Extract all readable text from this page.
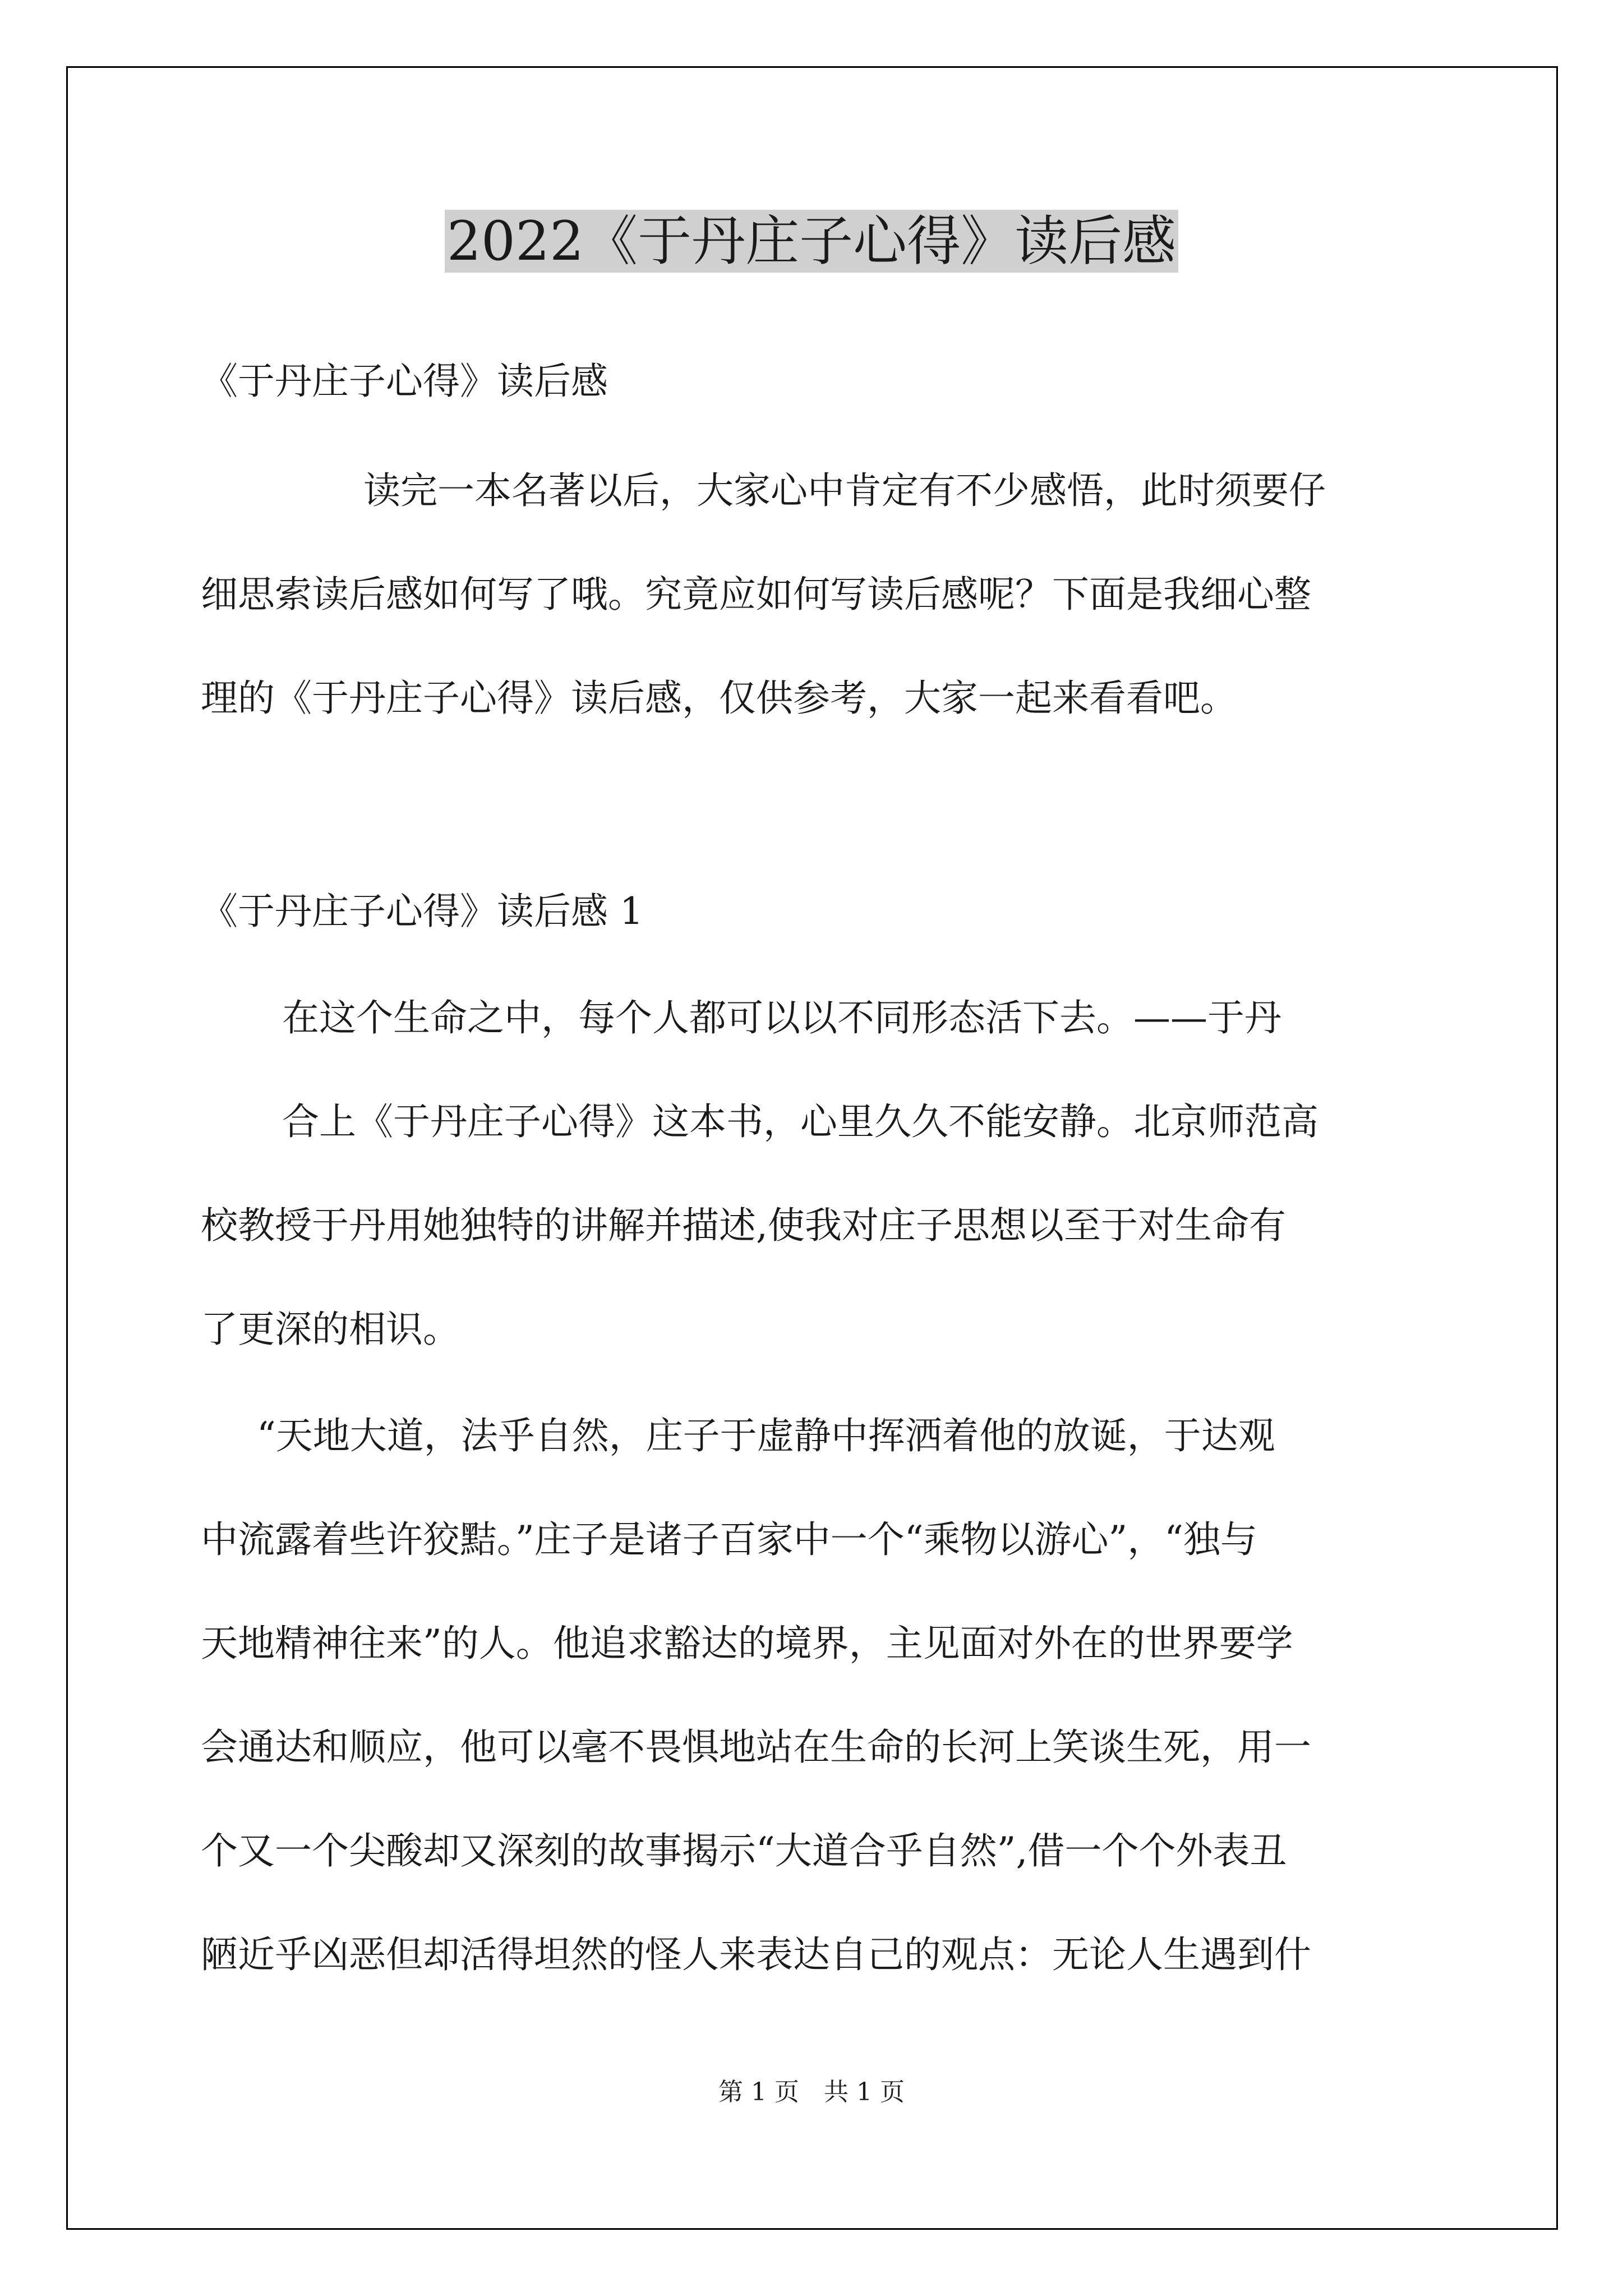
2022《于丹庄子心得》读后感
《于丹庄子心得》读后感
读完一本名著以后，大家心中肯定有不少感悟，此时须要仔
细思索读后感如何写了哦。究竟应如何写读后感呢？下面是我细心整
理的《于丹庄子心得》读后感，仅供参考，大家一起来看看吧。
《于丹庄子心得》读后感 1
在这个生命之中，每个人都可以以不同形态活下去。——于丹
合上《于丹庄子心得》这本书，心里久久不能安静。北京师范高
校教授于丹用她独特的讲解并描述,使我对庄子思想以至于对生命有
了更深的相识。
“天地大道，法乎自然，庄子于虚静中挥洒着他的放诞，于达观
中流露着些许狡黠。”庄子是诸子百家中一个“乘物以游心”，“独与
天地精神往来”的人。他追求豁达的境界，主见面对外在的世界要学
会通达和顺应，他可以毫不畏惧地站在生命的长河上笑谈生死，用一
个又一个尖酸却又深刻的故事揭示“大道合乎自然”,借一个个外表丑
陋近乎凶恶但却活得坦然的怪人来表达自己的观点：无论人生遇到什
第 1 页　共 1 页
